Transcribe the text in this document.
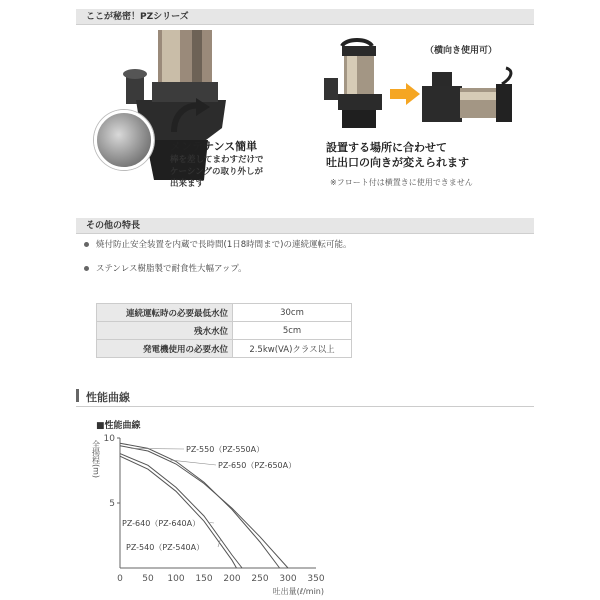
ここが秘密！PZシリーズ
メンテナンス簡単
棒を差してまわすだけで
ケーシングの取り外しが
出来ます
（横向き使用可）
設置する場所に合わせて
吐出口の向きが変えられます
※フロート付は横置きに使用できません
その他の特長
焼付防止安全装置を内蔵で長時間(1日8時間まで)の連続運転可能。
ステンレス樹脂製で耐食性大幅アップ。
連続運転時の必要最低水位	30cm
残水水位	5cm
発電機使用の必要水位	2.5kw(VA)クラス以上
性能曲線
■性能曲線
0 50 100 150 200 250 300 350
5
10
全揚程(m)
吐出量(ℓ/min)
PZ-550（PZ-550A）
PZ-650（PZ-650A）
PZ-640（PZ-640A）
PZ-540（PZ-540A）
